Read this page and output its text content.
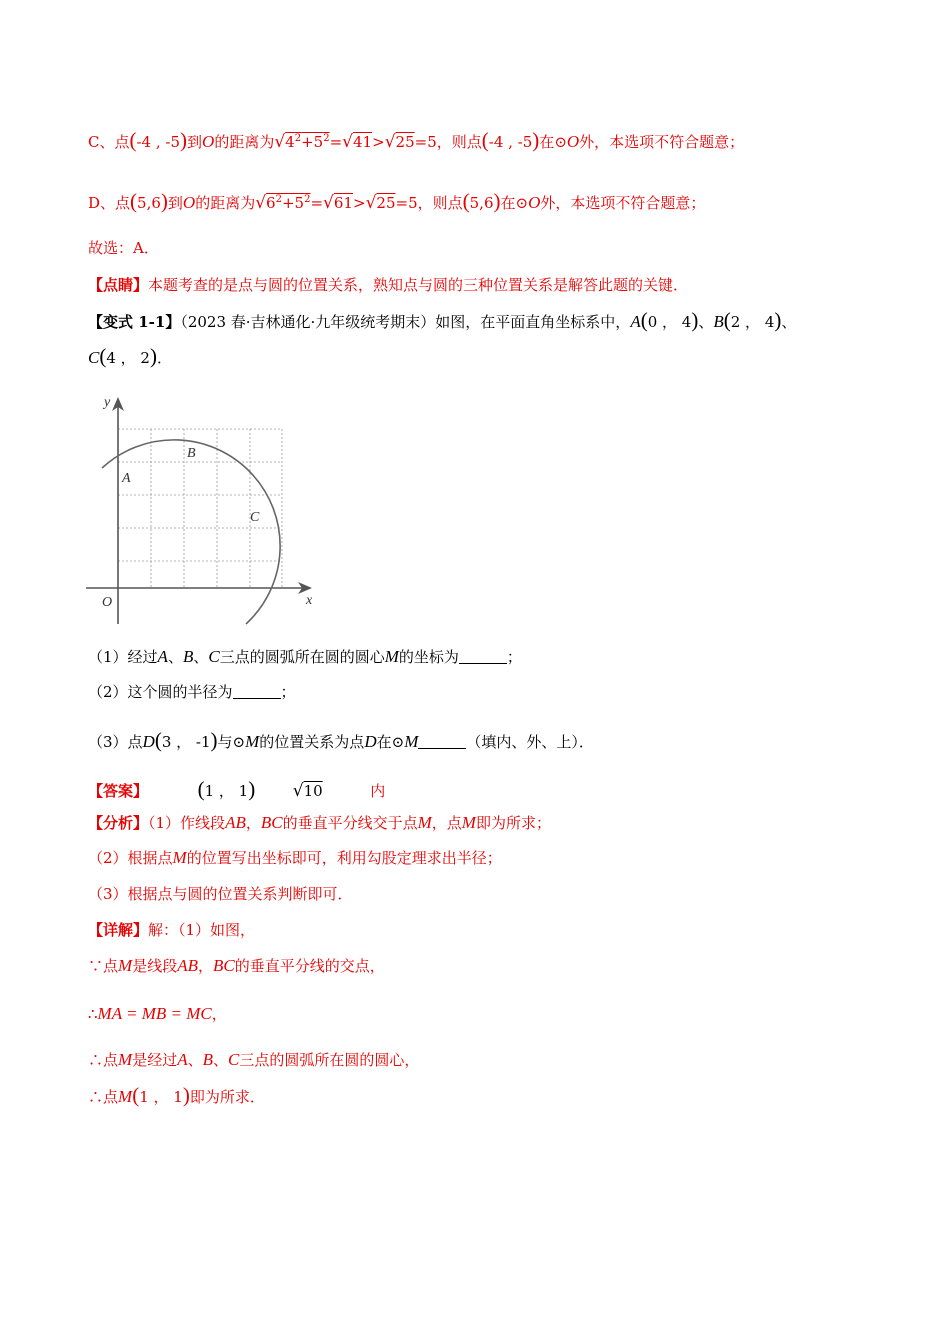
C、点(-4 , -5)到O的距离为$√4^2+5^2=√41>√25=5$，则点(-4 , -5)在⊙O外，本选项不符合题意；
D、点(5,6)到O的距离为$√6^2+5^2=√61>√25=5$，则点(5,6)在⊙O外，本选项不符合题意；
故选：A．
【点睛】本题考查的是点与圆的位置关系，熟知点与圆的三种位置关系是解答此题的关键．
【变式 1-1】（2023 春·吉林通化·九年级统考期末）如图，在平面直角坐标系中，A(0 ， 4)、B(2 ， 4)、
C(4 ， 2)．
y
x
O
A
B
C
（1）经过A、B、C三点的圆弧所在圆的圆心M的坐标为	；
（2）这个圆的半径为	；
（3）点D(3 ， -1)与⊙M的位置关系为点D在⊙M	（填内、外、上）．
【答案】 (1 ， 1) √10	内
【分析】（1）作线段AB，BC的垂直平分线交于点M，点M即为所求；
（2）根据点M的位置写出坐标即可，利用勾股定理求出半径；
（3）根据点与圆的位置关系判断即可．
【详解】解：（1）如图，
∵点M是线段AB，BC的垂直平分线的交点，
∴MA = MB = MC，
∴点M是经过A、B、C三点的圆弧所在圆的圆心，
∴点M(1 ， 1)即为所求．
